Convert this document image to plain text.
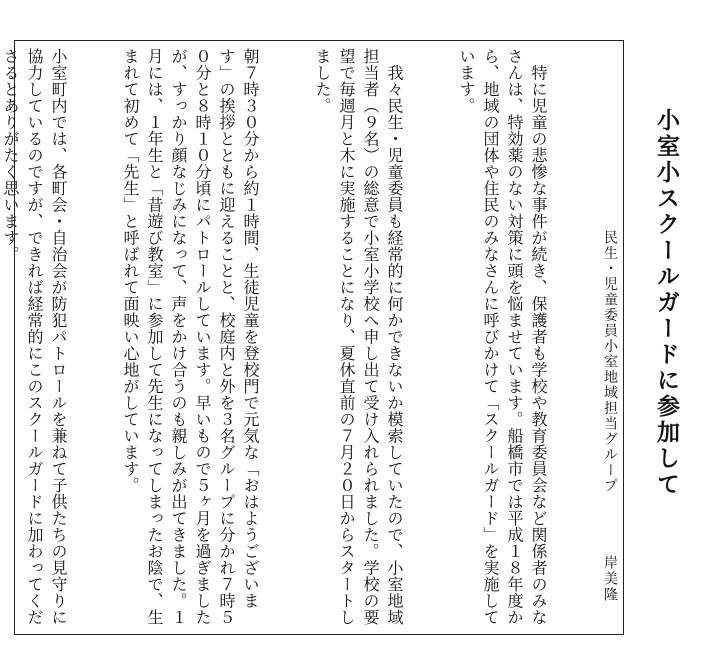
　特に児童の悲惨な事件が続き、保護者も学校や教育委員会など関係者のみなさんは、特効薬のない対策に頭を悩ませています。船橋市では平成１８年度から、地域の団体や住民のみなさんに呼びかけて「スクールガード」を実施しています。

　我々民生・児童委員も経常的に何かできないか模索していたので、小室地域担当者（９名）の総意で小室小学校へ申し出て受け入れられました。学校の要望で毎週月と木に実施することになり、夏休直前の７月２０日からスタートしました。

朝７時３０分から約１時間、生徒児童を登校門で元気な「おはようございます」の挨拶とともに迎えることと、校庭内と外を３名グループに分かれ７時５０分と８時１０分頃にパトロールしています。早いもので５ヶ月を過ぎましたが、すっかり顔なじみになって、声をかけ合うのも親しみが出てきました。１月には、１年生と「昔遊び教室」に参加して先生になってしまったお陰で、生まれて初めて「先生」と呼ばれて面映い心地がしています。

小室町内では、各町会・自治会が防犯パトロールを兼ねて子供たちの見守りに協力しているのですが、できれば経常的にこのスクールガードに加わってくださるとありがたく思います。

	小室小スクールガードに参加して
民生・児童委員小室地域担当グループ
岸美隆
